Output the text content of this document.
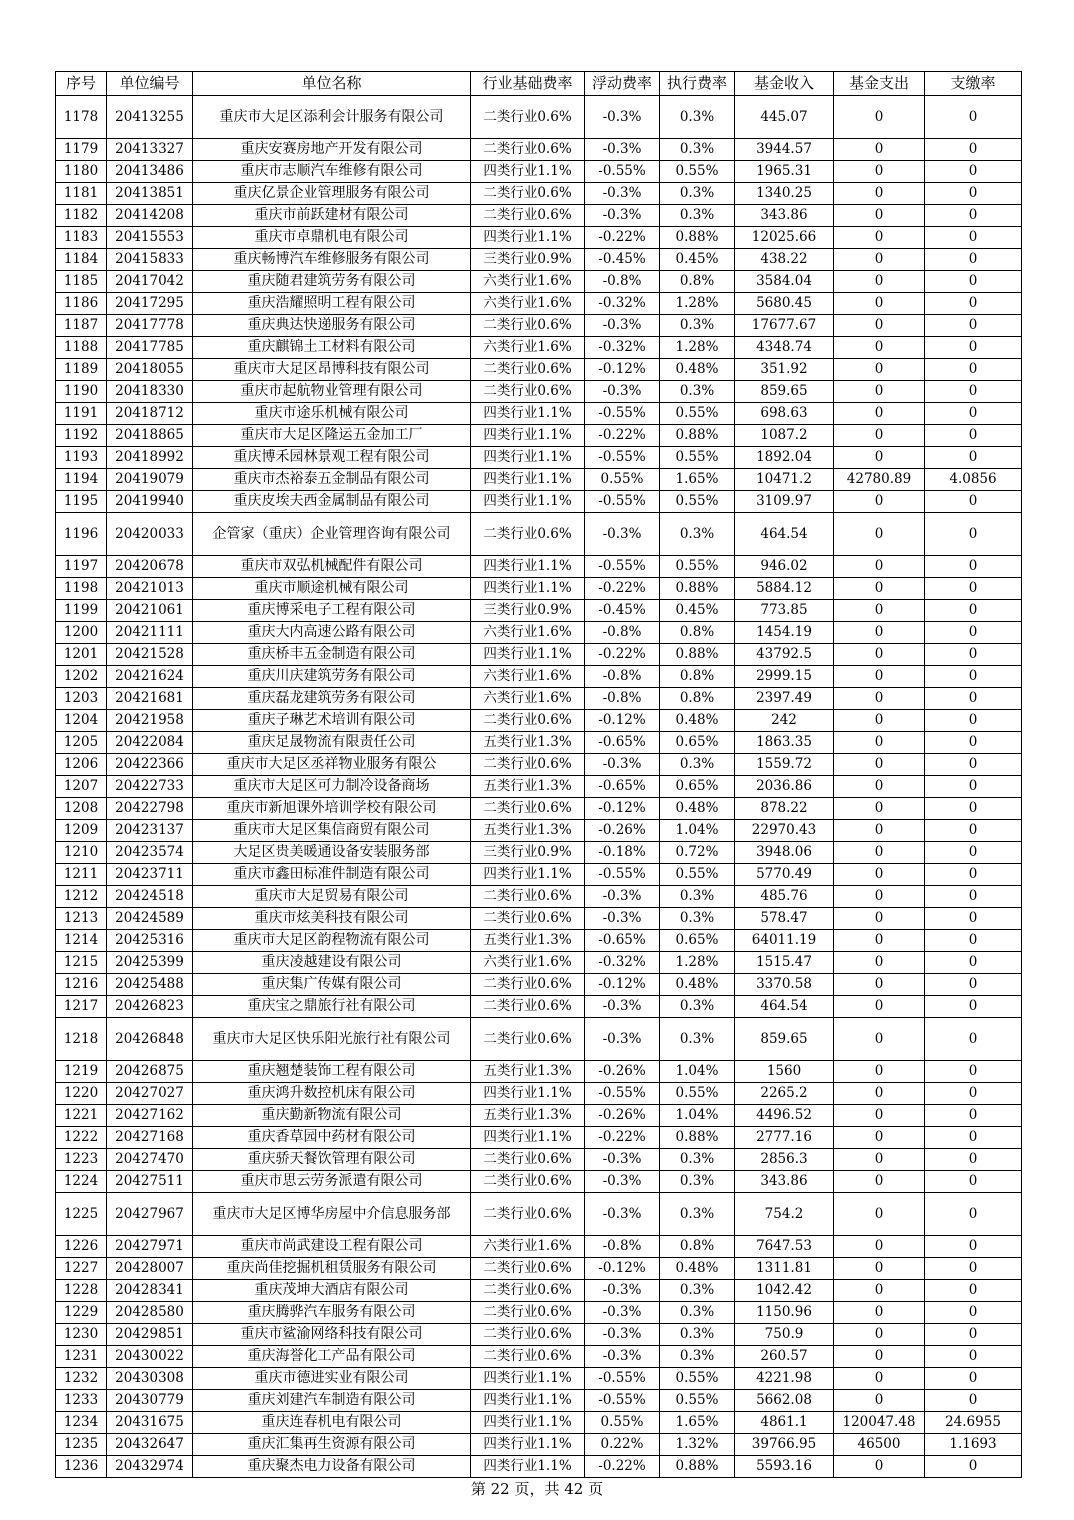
序号	单位编号	单位名称	行业基础费率	浮动费率	执行费率	基金收入	基金支出	支缴率
1178	20413255	重庆市大足区添利会计服务有限公司	二类行业0.6%	-0.3%	0.3%	445.07	0	0
1179	20413327	重庆安赛房地产开发有限公司	二类行业0.6%	-0.3%	0.3%	3944.57	0	0
1180	20413486	重庆市志顺汽车维修有限公司	四类行业1.1%	-0.55%	0.55%	1965.31	0	0
1181	20413851	重庆亿景企业管理服务有限公司	二类行业0.6%	-0.3%	0.3%	1340.25	0	0
1182	20414208	重庆市前跃建材有限公司	二类行业0.6%	-0.3%	0.3%	343.86	0	0
1183	20415553	重庆市卓鼎机电有限公司	四类行业1.1%	-0.22%	0.88%	12025.66	0	0
1184	20415833	重庆畅博汽车维修服务有限公司	三类行业0.9%	-0.45%	0.45%	438.22	0	0
1185	20417042	重庆随君建筑劳务有限公司	六类行业1.6%	-0.8%	0.8%	3584.04	0	0
1186	20417295	重庆浩耀照明工程有限公司	六类行业1.6%	-0.32%	1.28%	5680.45	0	0
1187	20417778	重庆典达快递服务有限公司	二类行业0.6%	-0.3%	0.3%	17677.67	0	0
1188	20417785	重庆麒锦土工材料有限公司	六类行业1.6%	-0.32%	1.28%	4348.74	0	0
1189	20418055	重庆市大足区昂博科技有限公司	二类行业0.6%	-0.12%	0.48%	351.92	0	0
1190	20418330	重庆市起航物业管理有限公司	二类行业0.6%	-0.3%	0.3%	859.65	0	0
1191	20418712	重庆市途乐机械有限公司	四类行业1.1%	-0.55%	0.55%	698.63	0	0
1192	20418865	重庆市大足区隆运五金加工厂	四类行业1.1%	-0.22%	0.88%	1087.2	0	0
1193	20418992	重庆博禾园林景观工程有限公司	四类行业1.1%	-0.55%	0.55%	1892.04	0	0
1194	20419079	重庆市杰裕泰五金制品有限公司	四类行业1.1%	0.55%	1.65%	10471.2	42780.89	4.0856
1195	20419940	重庆皮埃夫西金属制品有限公司	四类行业1.1%	-0.55%	0.55%	3109.97	0	0
1196	20420033	企管家（重庆）企业管理咨询有限公司	二类行业0.6%	-0.3%	0.3%	464.54	0	0
1197	20420678	重庆市双弘机械配件有限公司	四类行业1.1%	-0.55%	0.55%	946.02	0	0
1198	20421013	重庆市顺途机械有限公司	四类行业1.1%	-0.22%	0.88%	5884.12	0	0
1199	20421061	重庆博采电子工程有限公司	三类行业0.9%	-0.45%	0.45%	773.85	0	0
1200	20421111	重庆大内高速公路有限公司	六类行业1.6%	-0.8%	0.8%	1454.19	0	0
1201	20421528	重庆桥丰五金制造有限公司	四类行业1.1%	-0.22%	0.88%	43792.5	0	0
1202	20421624	重庆川庆建筑劳务有限公司	六类行业1.6%	-0.8%	0.8%	2999.15	0	0
1203	20421681	重庆磊龙建筑劳务有限公司	六类行业1.6%	-0.8%	0.8%	2397.49	0	0
1204	20421958	重庆子琳艺术培训有限公司	二类行业0.6%	-0.12%	0.48%	242	0	0
1205	20422084	重庆足晟物流有限责任公司	五类行业1.3%	-0.65%	0.65%	1863.35	0	0
1206	20422366	重庆市大足区丞祥物业服务有限公	二类行业0.6%	-0.3%	0.3%	1559.72	0	0
1207	20422733	重庆市大足区可力制冷设备商场	五类行业1.3%	-0.65%	0.65%	2036.86	0	0
1208	20422798	重庆市新旭课外培训学校有限公司	二类行业0.6%	-0.12%	0.48%	878.22	0	0
1209	20423137	重庆市大足区集信商贸有限公司	五类行业1.3%	-0.26%	1.04%	22970.43	0	0
1210	20423574	大足区贵美暖通设备安装服务部	三类行业0.9%	-0.18%	0.72%	3948.06	0	0
1211	20423711	重庆市鑫田标准件制造有限公司	四类行业1.1%	-0.55%	0.55%	5770.49	0	0
1212	20424518	重庆市大足贸易有限公司	二类行业0.6%	-0.3%	0.3%	485.76	0	0
1213	20424589	重庆市炫美科技有限公司	二类行业0.6%	-0.3%	0.3%	578.47	0	0
1214	20425316	重庆市大足区韵程物流有限公司	五类行业1.3%	-0.65%	0.65%	64011.19	0	0
1215	20425399	重庆凌越建设有限公司	六类行业1.6%	-0.32%	1.28%	1515.47	0	0
1216	20425488	重庆集广传媒有限公司	二类行业0.6%	-0.12%	0.48%	3370.58	0	0
1217	20426823	重庆宝之鼎旅行社有限公司	二类行业0.6%	-0.3%	0.3%	464.54	0	0
1218	20426848	重庆市大足区快乐阳光旅行社有限公司	二类行业0.6%	-0.3%	0.3%	859.65	0	0
1219	20426875	重庆翘楚装饰工程有限公司	五类行业1.3%	-0.26%	1.04%	1560	0	0
1220	20427027	重庆鸿升数控机床有限公司	四类行业1.1%	-0.55%	0.55%	2265.2	0	0
1221	20427162	重庆勤新物流有限公司	五类行业1.3%	-0.26%	1.04%	4496.52	0	0
1222	20427168	重庆香草园中药材有限公司	四类行业1.1%	-0.22%	0.88%	2777.16	0	0
1223	20427470	重庆骄天餐饮管理有限公司	二类行业0.6%	-0.3%	0.3%	2856.3	0	0
1224	20427511	重庆市思云劳务派遣有限公司	二类行业0.6%	-0.3%	0.3%	343.86	0	0
1225	20427967	重庆市大足区博华房屋中介信息服务部	二类行业0.6%	-0.3%	0.3%	754.2	0	0
1226	20427971	重庆市尚武建设工程有限公司	六类行业1.6%	-0.8%	0.8%	7647.53	0	0
1227	20428007	重庆尚佳挖掘机租赁服务有限公司	二类行业0.6%	-0.12%	0.48%	1311.81	0	0
1228	20428341	重庆茂坤大酒店有限公司	二类行业0.6%	-0.3%	0.3%	1042.42	0	0
1229	20428580	重庆腾骅汽车服务有限公司	二类行业0.6%	-0.3%	0.3%	1150.96	0	0
1230	20429851	重庆市鲨渝网络科技有限公司	二类行业0.6%	-0.3%	0.3%	750.9	0	0
1231	20430022	重庆海誉化工产品有限公司	二类行业0.6%	-0.3%	0.3%	260.57	0	0
1232	20430308	重庆市德进实业有限公司	四类行业1.1%	-0.55%	0.55%	4221.98	0	0
1233	20430779	重庆刘建汽车制造有限公司	四类行业1.1%	-0.55%	0.55%	5662.08	0	0
1234	20431675	重庆连春机电有限公司	四类行业1.1%	0.55%	1.65%	4861.1	120047.48	24.6955
1235	20432647	重庆汇集再生资源有限公司	四类行业1.1%	0.22%	1.32%	39766.95	46500	1.1693
1236	20432974	重庆聚杰电力设备有限公司	四类行业1.1%	-0.22%	0.88%	5593.16	0	0
第 22 页，共 42 页
